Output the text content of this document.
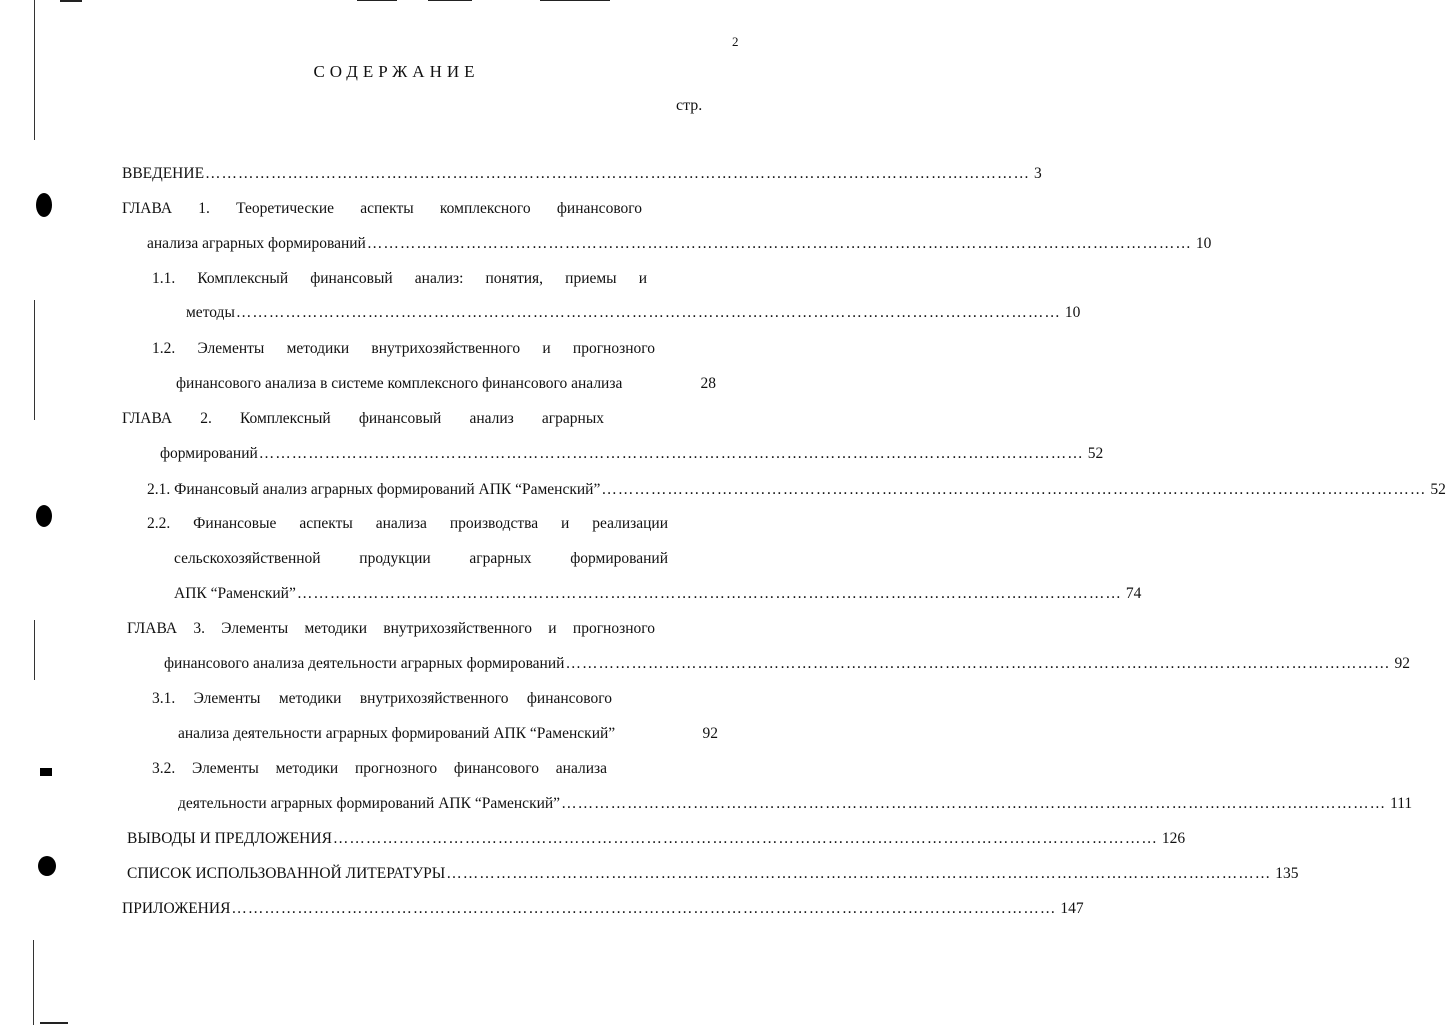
2
СОДЕРЖАНИЕ
стр.
ВВЕДЕНИЕ …………………………………………………………………………………………………………………………………… 3
ГЛАВА 1. Теоретические аспекты комплексного финансового
анализа аграрных формирований …………………………………………………………………………………………………………………………………… 10
1.1. Комплексный финансовый анализ: понятия, приемы и
методы …………………………………………………………………………………………………………………………………… 10
1.2. Элементы методики внутрихозяйственного и прогнозного
финансового анализа в системе комплексного финансового анализа	28
ГЛАВА 2. Комплексный финансовый анализ аграрных
формирований …………………………………………………………………………………………………………………………………… 52
2.1. Финансовый анализ аграрных формирований АПК “Раменский” …………………………………………………………………………………………………………………………………… 52
2.2. Финансовые аспекты анализа производства и реализации
сельскохозяйственной продукции аграрных формирований
АПК “Раменский” …………………………………………………………………………………………………………………………………… 74
ГЛАВА 3. Элементы методики внутрихозяйственного и прогнозного
финансового анализа деятельности аграрных формирований …………………………………………………………………………………………………………………………………… 92
3.1. Элементы методики внутрихозяйственного финансового
анализа деятельности аграрных формирований АПК “Раменский”	92
3.2. Элементы методики прогнозного финансового анализа
деятельности аграрных формирований АПК “Раменский” …………………………………………………………………………………………………………………………………… 111
ВЫВОДЫ И ПРЕДЛОЖЕНИЯ …………………………………………………………………………………………………………………………………… 126
СПИСОК ИСПОЛЬЗОВАННОЙ ЛИТЕРАТУРЫ …………………………………………………………………………………………………………………………………… 135
ПРИЛОЖЕНИЯ …………………………………………………………………………………………………………………………………… 147
